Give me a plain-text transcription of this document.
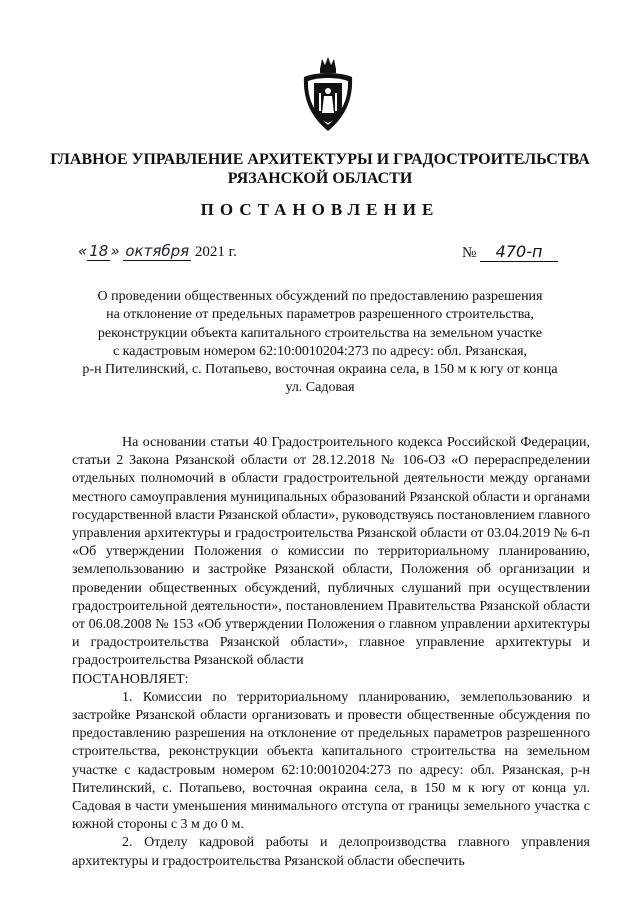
ГЛАВНОЕ УПРАВЛЕНИЕ АРХИТЕКТУРЫ И ГРАДОСТРОИТЕЛЬСТВА
РЯЗАНСКОЙ ОБЛАСТИ
ПОСТАНОВЛЕНИЕ
« 18 » октября 2021 г.	№ 470-п
О проведении общественных обсуждений по предоставлению разрешения
на отклонение от предельных параметров разрешенного строительства,
реконструкции объекта капитального строительства на земельном участке
с кадастровым номером 62:10:0010204:273 по адресу: обл. Рязанская,
р-н Пителинский, с. Потапьево, восточная окраина села, в 150 м к югу от конца
ул. Садовая

На основании статьи 40 Градостроительного кодекса Российской Федерации, статьи 2 Закона Рязанской области от 28.12.2018 № 106-ОЗ «О перераспределении отдельных полномочий в области градостроительной деятельности между органами местного самоуправления муниципальных образований Рязанской области и органами государственной власти Рязанской области», руководствуясь постановлением главного управления архитектуры и градостроительства Рязанской области от 03.04.2019 № 6-п «Об утверждении Положения о комиссии по территориальному планированию, землепользованию и застройке Рязанской области, Положения об организации и проведении общественных обсуждений, публичных слушаний при осуществлении градостроительной деятельности», постановлением Правительства Рязанской области от 06.08.2008 № 153 «Об утверждении Положения о главном управлении архитектуры и градостроительства Рязанской области», главное управление архитектуры и градостроительства Рязанской области

ПОСТАНОВЛЯЕТ:

1. Комиссии по территориальному планированию, землепользованию и застройке Рязанской области организовать и провести общественные обсуждения по предоставлению разрешения на отклонение от предельных параметров разрешенного строительства, реконструкции объекта капитального строительства на земельном участке с кадастровым номером 62:10:0010204:273 по адресу: обл. Рязанская, р-н Пителинский, с. Потапьево, восточная окраина села, в 150 м к югу от конца ул. Садовая в части уменьшения минимального отступа от границы земельного участка с южной стороны с 3 м до 0 м.

2. Отделу кадровой работы и делопроизводства главного управления архитектуры и градостроительства Рязанской области обеспечить
